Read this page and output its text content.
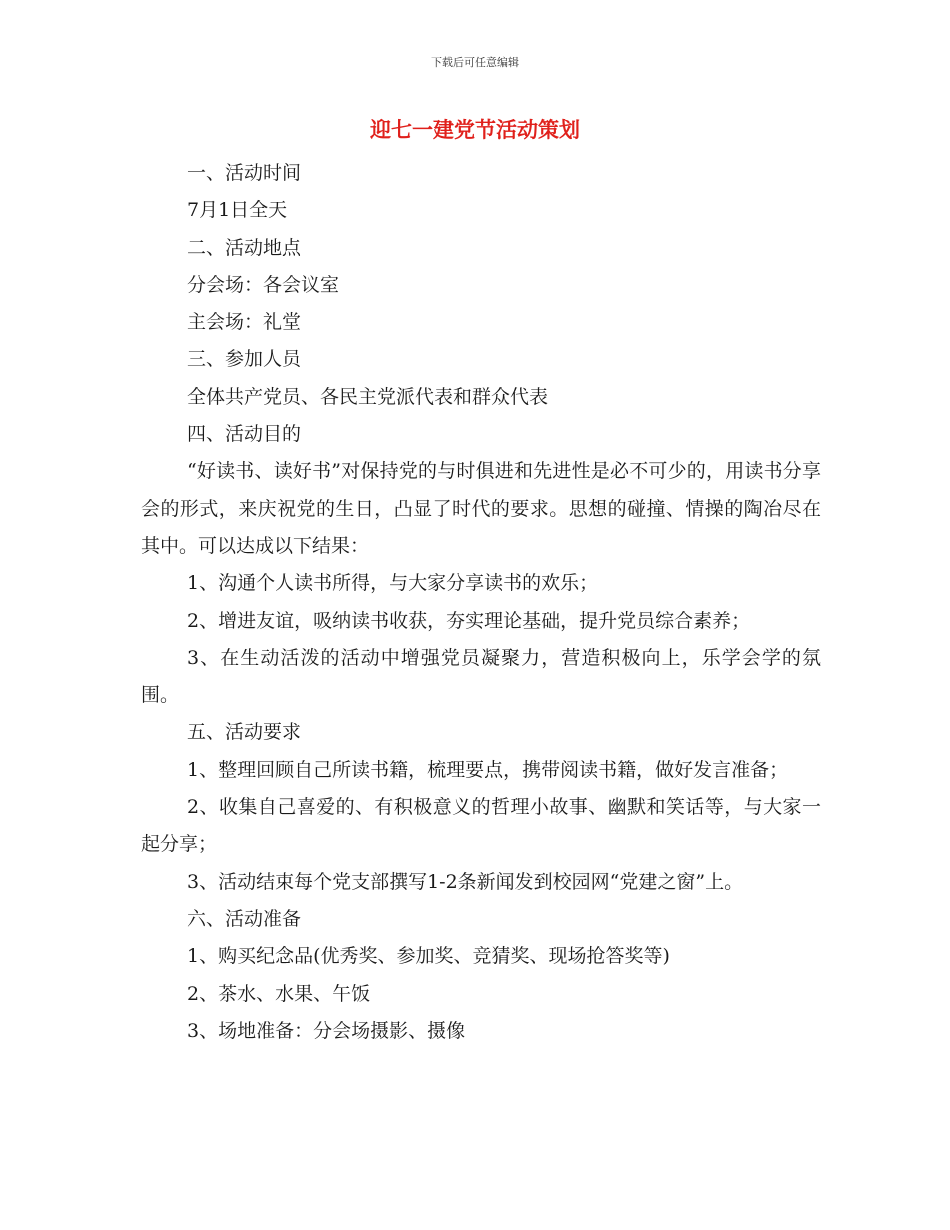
下载后可任意编辑
迎七一建党节活动策划

一、活动时间

7月1日全天

二、活动地点

分会场：各会议室

主会场：礼堂

三、参加人员

全体共产党员、各民主党派代表和群众代表

四、活动目的

“好读书、读好书”对保持党的与时俱进和先进性是必不可少的，用读书分享会的形式，来庆祝党的生日，凸显了时代的要求。思想的碰撞、情操的陶冶尽在其中。可以达成以下结果：

1、沟通个人读书所得，与大家分享读书的欢乐；

2、增进友谊，吸纳读书收获，夯实理论基础，提升党员综合素养；

3、在生动活泼的活动中增强党员凝聚力，营造积极向上，乐学会学的氛围。

五、活动要求

1、整理回顾自己所读书籍，梳理要点，携带阅读书籍，做好发言准备；

2、收集自己喜爱的、有积极意义的哲理小故事、幽默和笑话等，与大家一起分享；

3、活动结束每个党支部撰写1-2条新闻发到校园网“党建之窗”上。

六、活动准备

1、购买纪念品(优秀奖、参加奖、竞猜奖、现场抢答奖等)

2、茶水、水果、午饭

3、场地准备：分会场摄影、摄像
